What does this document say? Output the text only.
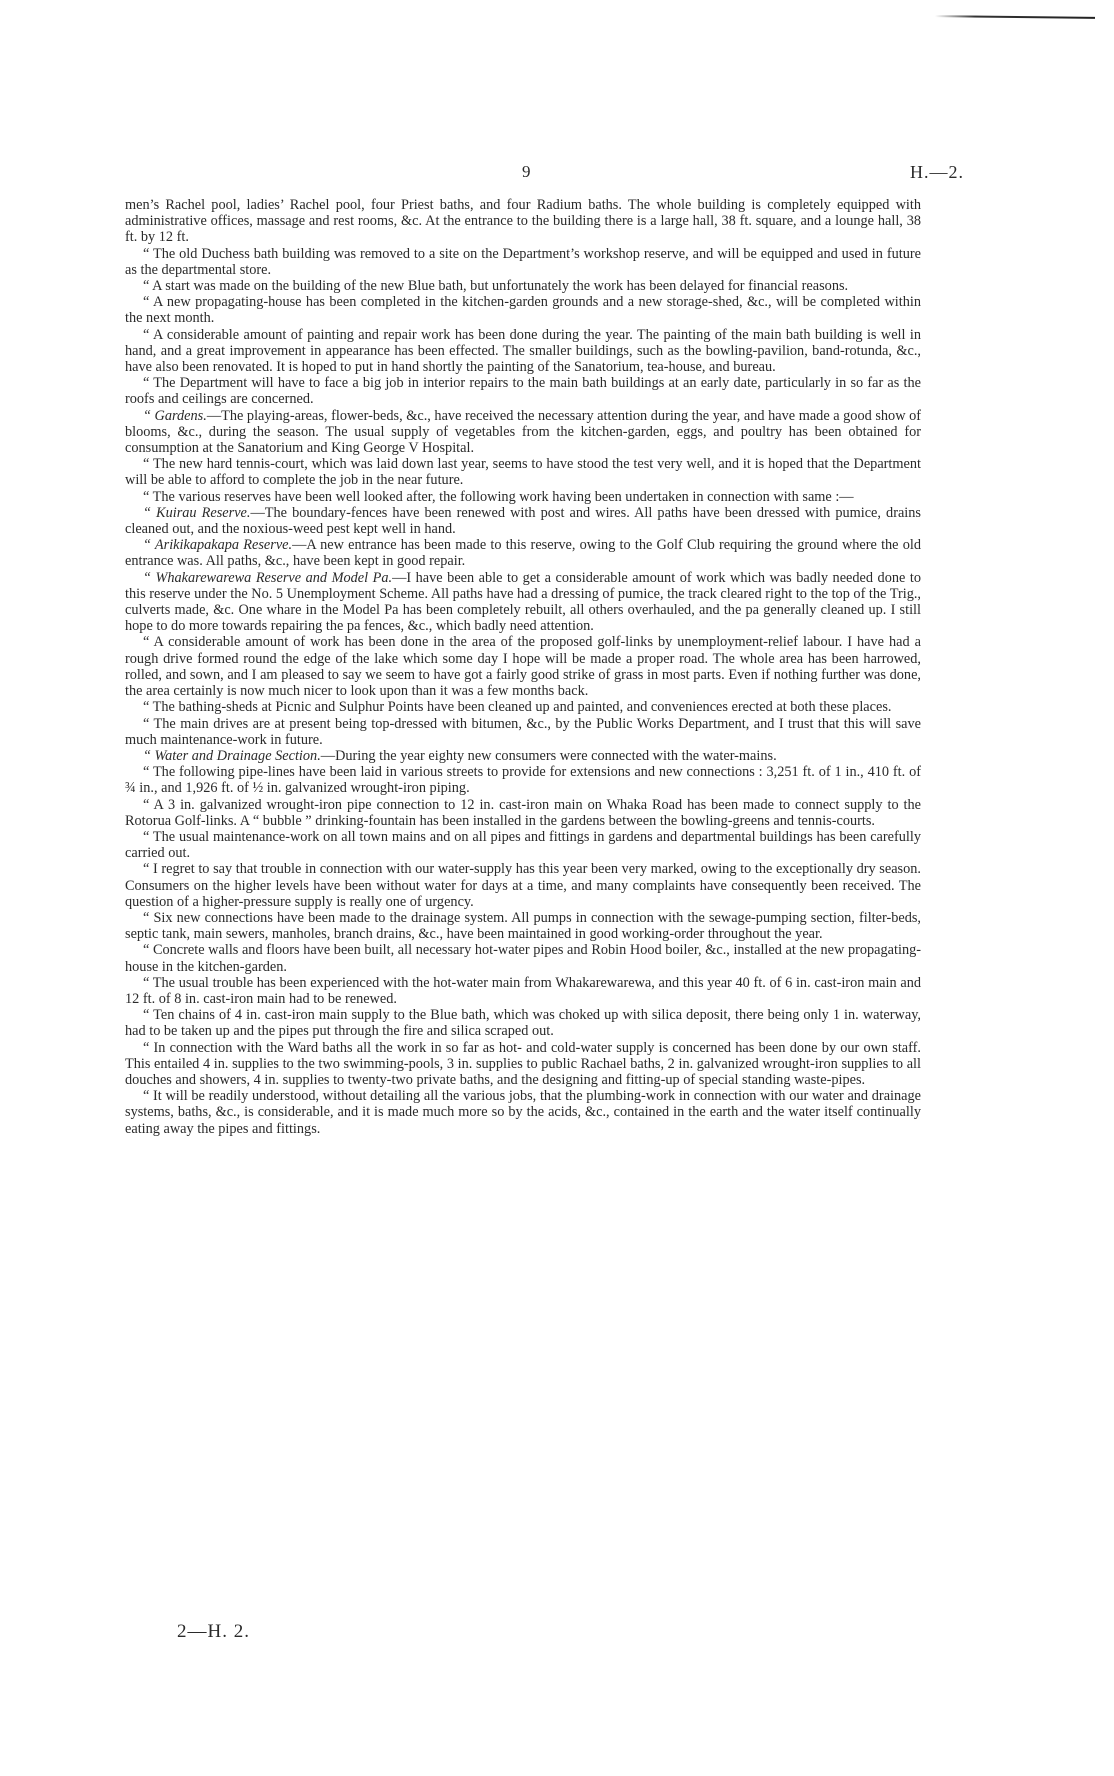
9	H.—2.

men’s Rachel pool, ladies’ Rachel pool, four Priest baths, and four Radium baths. The whole building is completely equipped with administrative offices, massage and rest rooms, &c. At the entrance to the building there is a large hall, 38 ft. square, and a lounge hall, 38 ft. by 12 ft.

“ The old Duchess bath building was removed to a site on the Department’s workshop reserve, and will be equipped and used in future as the departmental store.

“ A start was made on the building of the new Blue bath, but unfortunately the work has been delayed for financial reasons.

“ A new propagating-house has been completed in the kitchen-garden grounds and a new storage-shed, &c., will be completed within the next month.

“ A considerable amount of painting and repair work has been done during the year. The painting of the main bath building is well in hand, and a great improvement in appearance has been effected. The smaller buildings, such as the bowling-pavilion, band-rotunda, &c., have also been renovated. It is hoped to put in hand shortly the painting of the Sanatorium, tea-house, and bureau.

“ The Department will have to face a big job in interior repairs to the main bath buildings at an early date, particularly in so far as the roofs and ceilings are concerned.

“ Gardens.—The playing-areas, flower-beds, &c., have received the necessary attention during the year, and have made a good show of blooms, &c., during the season. The usual supply of vegetables from the kitchen-garden, eggs, and poultry has been obtained for consumption at the Sanatorium and King George V Hospital.

“ The new hard tennis-court, which was laid down last year, seems to have stood the test very well, and it is hoped that the Department will be able to afford to complete the job in the near future.

“ The various reserves have been well looked after, the following work having been undertaken in connection with same :—

“ Kuirau Reserve.—The boundary-fences have been renewed with post and wires. All paths have been dressed with pumice, drains cleaned out, and the noxious-weed pest kept well in hand.

“ Arikikapakapa Reserve.—A new entrance has been made to this reserve, owing to the Golf Club requiring the ground where the old entrance was. All paths, &c., have been kept in good repair.

“ Whakarewarewa Reserve and Model Pa.—I have been able to get a considerable amount of work which was badly needed done to this reserve under the No. 5 Unemployment Scheme. All paths have had a dressing of pumice, the track cleared right to the top of the Trig., culverts made, &c. One whare in the Model Pa has been completely rebuilt, all others overhauled, and the pa generally cleaned up. I still hope to do more towards repairing the pa fences, &c., which badly need attention.

“ A considerable amount of work has been done in the area of the proposed golf-links by unemployment-relief labour. I have had a rough drive formed round the edge of the lake which some day I hope will be made a proper road. The whole area has been harrowed, rolled, and sown, and I am pleased to say we seem to have got a fairly good strike of grass in most parts. Even if nothing further was done, the area certainly is now much nicer to look upon than it was a few months back.

“ The bathing-sheds at Picnic and Sulphur Points have been cleaned up and painted, and conveniences erected at both these places.

“ The main drives are at present being top-dressed with bitumen, &c., by the Public Works Department, and I trust that this will save much maintenance-work in future.

“ Water and Drainage Section.—During the year eighty new consumers were connected with the water-mains.

“ The following pipe-lines have been laid in various streets to provide for extensions and new connections : 3,251 ft. of 1 in., 410 ft. of ¾ in., and 1,926 ft. of ½ in. galvanized wrought-iron piping.

“ A 3 in. galvanized wrought-iron pipe connection to 12 in. cast-iron main on Whaka Road has been made to connect supply to the Rotorua Golf-links. A “ bubble ” drinking-fountain has been installed in the gardens between the bowling-greens and tennis-courts.

“ The usual maintenance-work on all town mains and on all pipes and fittings in gardens and departmental buildings has been carefully carried out.

“ I regret to say that trouble in connection with our water-supply has this year been very marked, owing to the exceptionally dry season. Consumers on the higher levels have been without water for days at a time, and many complaints have consequently been received. The question of a higher-pressure supply is really one of urgency.

“ Six new connections have been made to the drainage system. All pumps in connection with the sewage-pumping section, filter-beds, septic tank, main sewers, manholes, branch drains, &c., have been maintained in good working-order throughout the year.

“ Concrete walls and floors have been built, all necessary hot-water pipes and Robin Hood boiler, &c., installed at the new propagating-house in the kitchen-garden.

“ The usual trouble has been experienced with the hot-water main from Whakarewarewa, and this year 40 ft. of 6 in. cast-iron main and 12 ft. of 8 in. cast-iron main had to be renewed.

“ Ten chains of 4 in. cast-iron main supply to the Blue bath, which was choked up with silica deposit, there being only 1 in. waterway, had to be taken up and the pipes put through the fire and silica scraped out.

“ In connection with the Ward baths all the work in so far as hot- and cold-water supply is concerned has been done by our own staff. This entailed 4 in. supplies to the two swimming-pools, 3 in. supplies to public Rachael baths, 2 in. galvanized wrought-iron supplies to all douches and showers, 4 in. supplies to twenty-two private baths, and the designing and fitting-up of special standing waste-pipes.

“ It will be readily understood, without detailing all the various jobs, that the plumbing-work in connection with our water and drainage systems, baths, &c., is considerable, and it is made much more so by the acids, &c., contained in the earth and the water itself continually eating away the pipes and fittings.

2—H. 2.
